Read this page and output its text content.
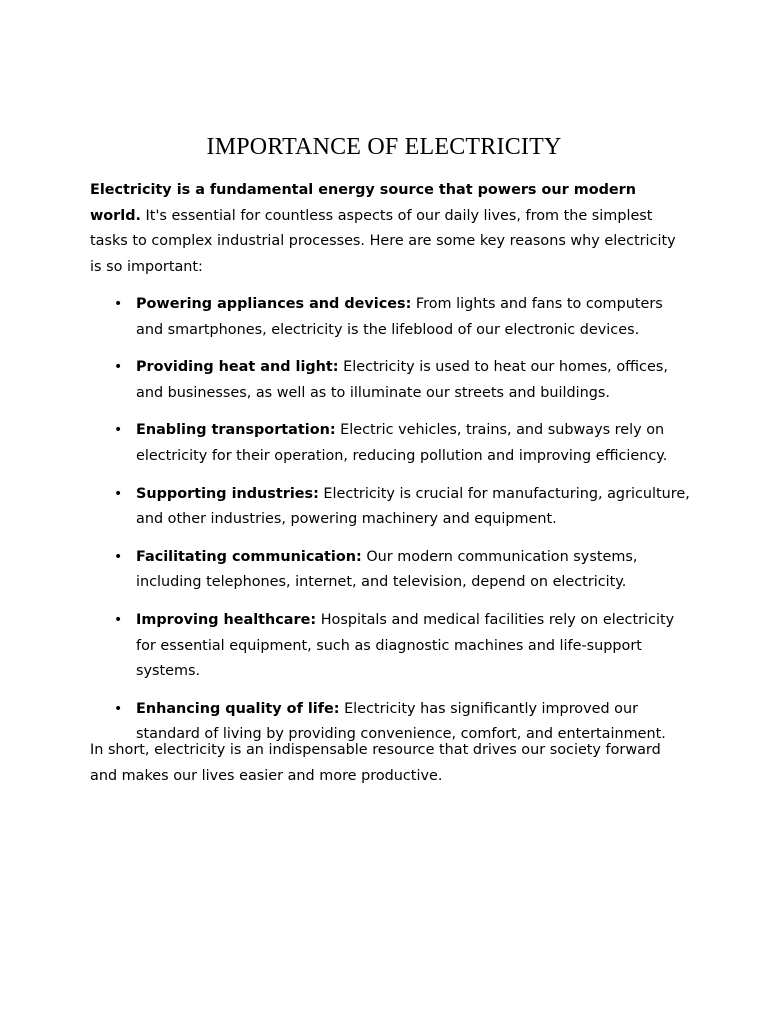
IMPORTANCE OF ELECTRICITY

Electricity is a fundamental energy source that powers our modern world. It's essential for countless aspects of our daily lives, from the simplest tasks to complex industrial processes. Here are some key reasons why electricity is so important:

• Powering appliances and devices: From lights and fans to computers and smartphones, electricity is the lifeblood of our electronic devices.
• Providing heat and light: Electricity is used to heat our homes, offices, and businesses, as well as to illuminate our streets and buildings.
• Enabling transportation: Electric vehicles, trains, and subways rely on electricity for their operation, reducing pollution and improving efficiency.
• Supporting industries: Electricity is crucial for manufacturing, agriculture, and other industries, powering machinery and equipment.
• Facilitating communication: Our modern communication systems, including telephones, internet, and television, depend on electricity.
• Improving healthcare: Hospitals and medical facilities rely on electricity for essential equipment, such as diagnostic machines and life-support systems.
• Enhancing quality of life: Electricity has significantly improved our standard of living by providing convenience, comfort, and entertainment.

In short, electricity is an indispensable resource that drives our society forward and makes our lives easier and more productive.
